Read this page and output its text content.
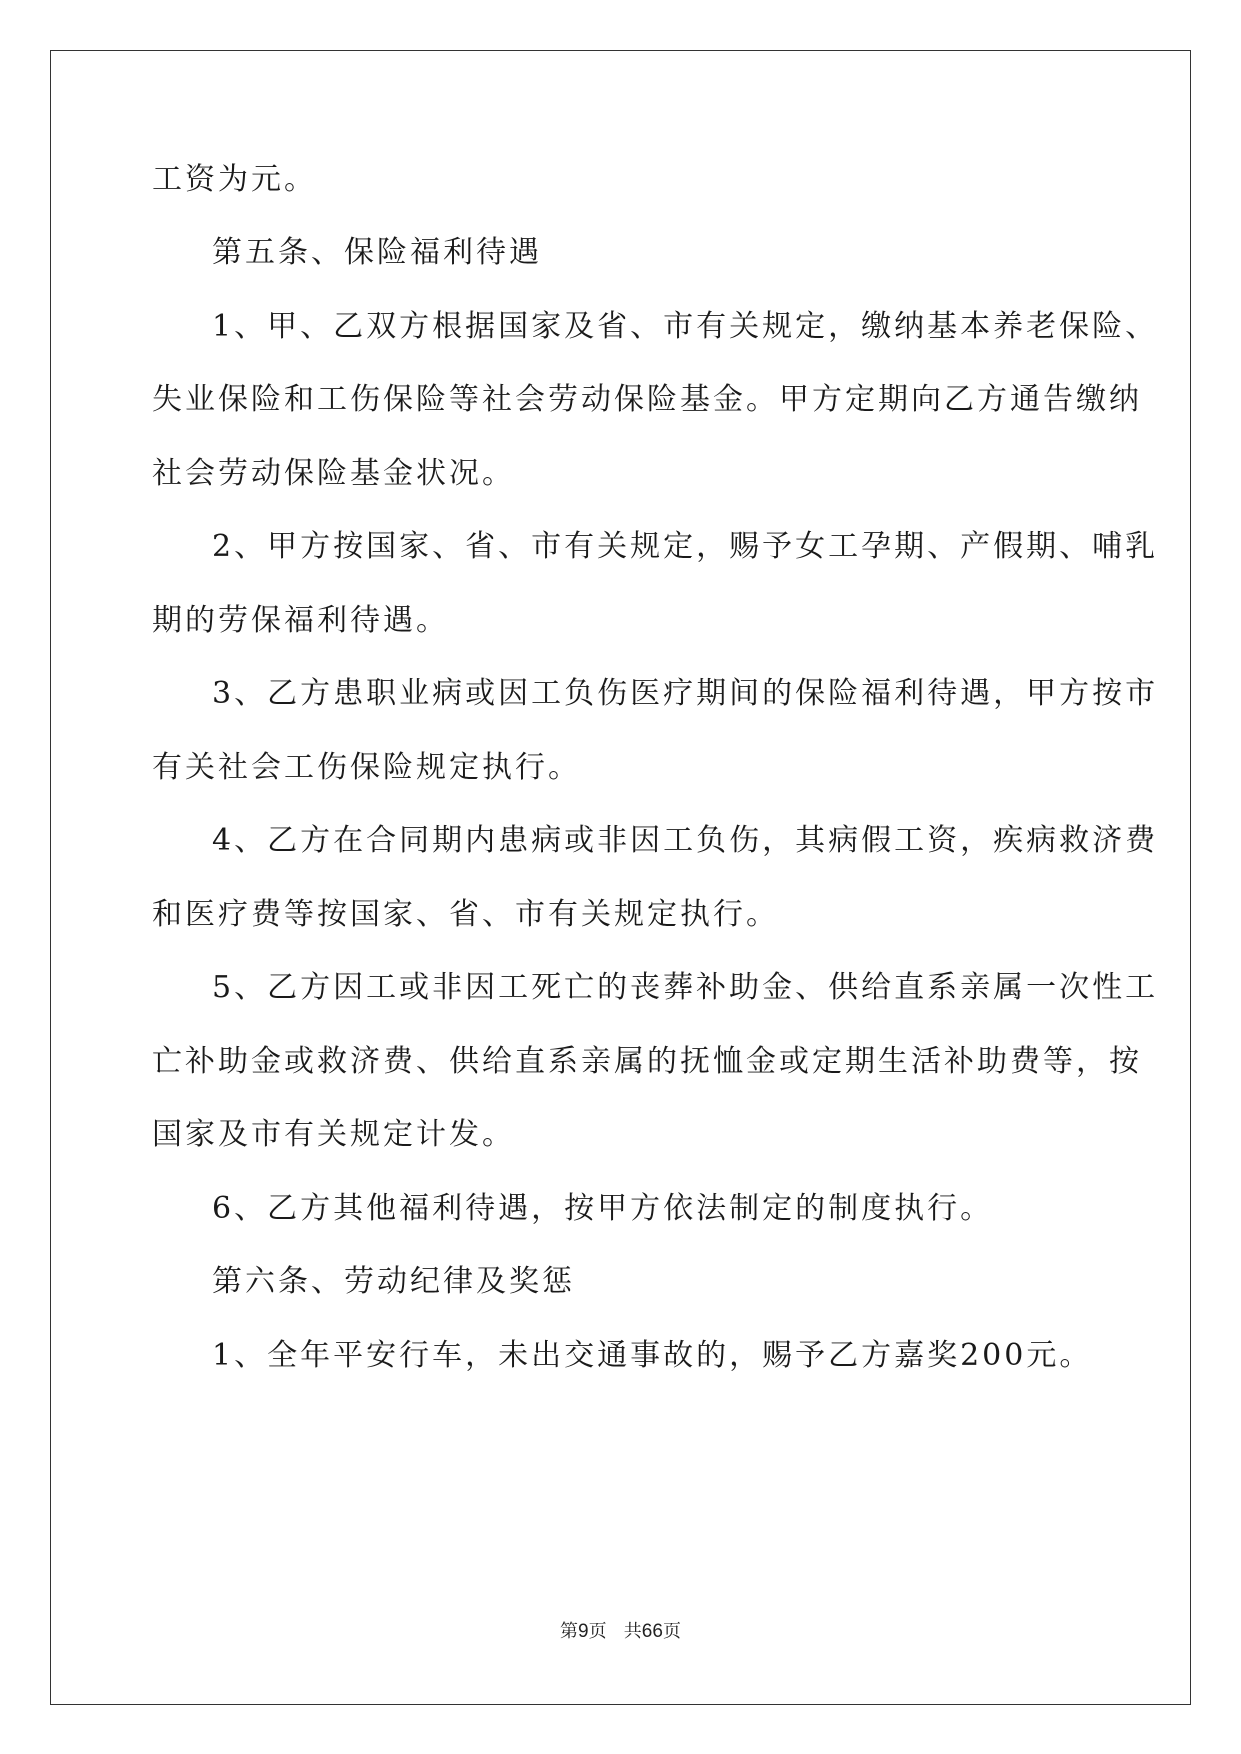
工资为元。
第五条、保险福利待遇
1、甲、乙双方根据国家及省、市有关规定，缴纳基本养老保险、
失业保险和工伤保险等社会劳动保险基金。甲方定期向乙方通告缴纳
社会劳动保险基金状况。
2、甲方按国家、省、市有关规定，赐予女工孕期、产假期、哺乳
期的劳保福利待遇。
3、乙方患职业病或因工负伤医疗期间的保险福利待遇，甲方按市
有关社会工伤保险规定执行。
4、乙方在合同期内患病或非因工负伤，其病假工资，疾病救济费
和医疗费等按国家、省、市有关规定执行。
5、乙方因工或非因工死亡的丧葬补助金、供给直系亲属一次性工
亡补助金或救济费、供给直系亲属的抚恤金或定期生活补助费等，按
国家及市有关规定计发。
6、乙方其他福利待遇，按甲方依法制定的制度执行。
第六条、劳动纪律及奖惩
1、全年平安行车，未出交通事故的，赐予乙方嘉奖200元。
第9页 共66页
